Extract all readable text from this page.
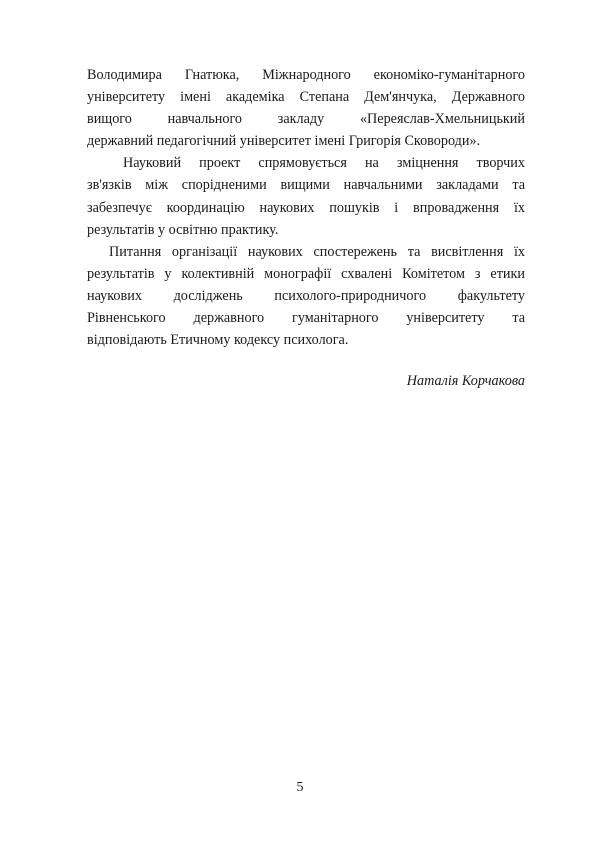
Володимира Гнатюка, Міжнародного економіко-гуманітарного
університету імені академіка Степана Дем'янчука, Державного
вищого навчального закладу «Переяслав-Хмельницький
державний педагогічний університет імені Григорія Сковороди».
Науковий проект спрямовується на зміцнення творчих
зв'язків між спорідненими вищими навчальними закладами та
забезпечує координацію наукових пошуків і впровадження їх
результатів у освітню практику.
Питання організації наукових спостережень та висвітлення їх
результатів у колективній монографії схвалені Комітетом з етики
наукових досліджень психолого-природничого факультету
Рівненського державного гуманітарного університету та
відповідають Етичному кодексу психолога.
Наталія Корчакова
5
